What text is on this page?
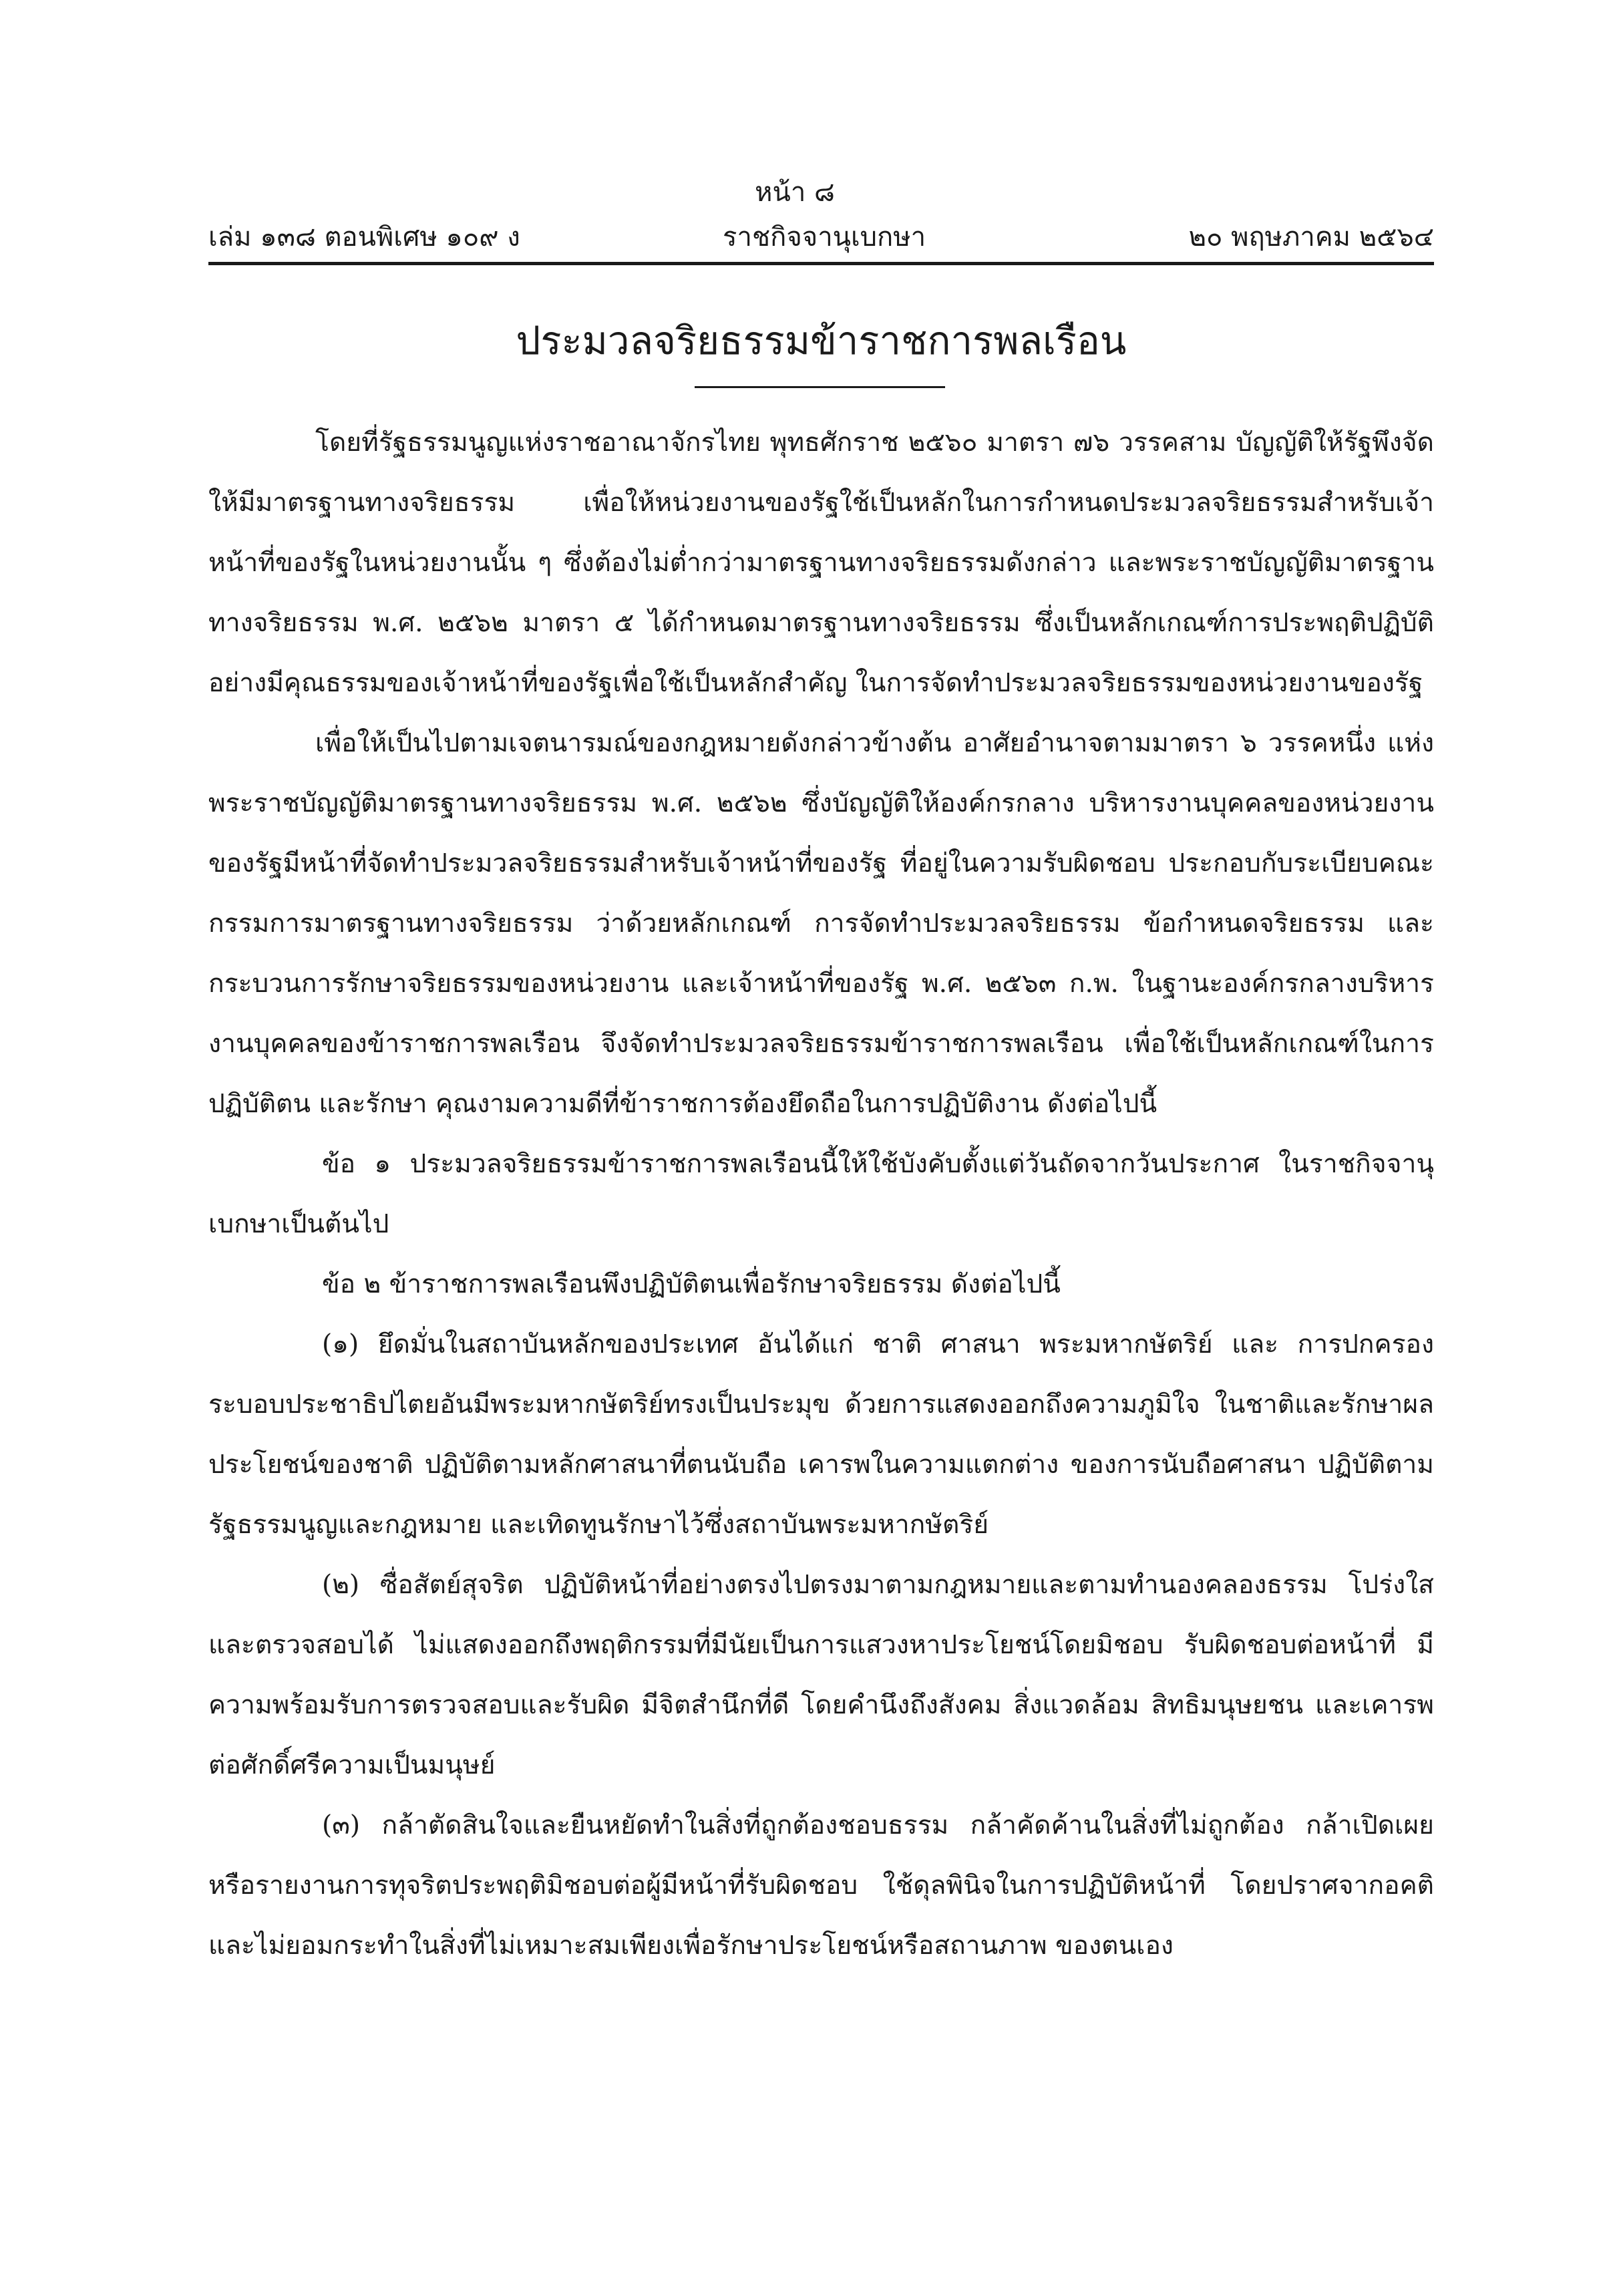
หน้า ๘
เล่ม ๑๓๘ ตอนพิเศษ ๑๐๙ ง	ราชกิจจานุเบกษา	๒๐ พฤษภาคม ๒๕๖๔
ประมวลจริยธรรมข้าราชการพลเรือน

โดยที่รัฐธรรมนูญแห่งราชอาณาจักรไทย พุทธศักราช ๒๕๖๐ มาตรา ๗๖ วรรคสาม บัญญัติให้รัฐพึงจัดให้มีมาตรฐานทางจริยธรรม เพื่อให้หน่วยงานของรัฐใช้เป็นหลักในการกำหนดประมวลจริยธรรมสำหรับเจ้าหน้าที่ของรัฐในหน่วยงานนั้น ๆ ซึ่งต้องไม่ต่ำกว่ามาตรฐานทางจริยธรรมดังกล่าว และพระราชบัญญัติมาตรฐานทางจริยธรรม พ.ศ. ๒๕๖๒ มาตรา ๕ ได้กำหนดมาตรฐานทางจริยธรรม ซึ่งเป็นหลักเกณฑ์การประพฤติปฏิบัติอย่างมีคุณธรรมของเจ้าหน้าที่ของรัฐเพื่อใช้เป็นหลักสำคัญ ในการจัดทำประมวลจริยธรรมของหน่วยงานของรัฐ

เพื่อให้เป็นไปตามเจตนารมณ์ของกฎหมายดังกล่าวข้างต้น อาศัยอำนาจตามมาตรา ๖ วรรคหนึ่ง แห่งพระราชบัญญัติมาตรฐานทางจริยธรรม พ.ศ. ๒๕๖๒ ซึ่งบัญญัติให้องค์กรกลาง บริหารงานบุคคลของหน่วยงานของรัฐมีหน้าที่จัดทำประมวลจริยธรรมสำหรับเจ้าหน้าที่ของรัฐ ที่อยู่ในความรับผิดชอบ ประกอบกับระเบียบคณะกรรมการมาตรฐานทางจริยธรรม ว่าด้วยหลักเกณฑ์ การจัดทำประมวลจริยธรรม ข้อกำหนดจริยธรรม และกระบวนการรักษาจริยธรรมของหน่วยงาน และเจ้าหน้าที่ของรัฐ พ.ศ. ๒๕๖๓ ก.พ. ในฐานะองค์กรกลางบริหารงานบุคคลของข้าราชการพลเรือน จึงจัดทำประมวลจริยธรรมข้าราชการพลเรือน เพื่อใช้เป็นหลักเกณฑ์ในการปฏิบัติตน และรักษา คุณงามความดีที่ข้าราชการต้องยึดถือในการปฏิบัติงาน ดังต่อไปนี้

ข้อ ๑ ประมวลจริยธรรมข้าราชการพลเรือนนี้ให้ใช้บังคับตั้งแต่วันถัดจากวันประกาศ ในราชกิจจานุเบกษาเป็นต้นไป

ข้อ ๒ ข้าราชการพลเรือนพึงปฏิบัติตนเพื่อรักษาจริยธรรม ดังต่อไปนี้

(๑) ยึดมั่นในสถาบันหลักของประเทศ อันได้แก่ ชาติ ศาสนา พระมหากษัตริย์ และ การปกครองระบอบประชาธิปไตยอันมีพระมหากษัตริย์ทรงเป็นประมุข ด้วยการแสดงออกถึงความภูมิใจ ในชาติและรักษาผลประโยชน์ของชาติ ปฏิบัติตามหลักศาสนาที่ตนนับถือ เคารพในความแตกต่าง ของการนับถือศาสนา ปฏิบัติตามรัฐธรรมนูญและกฎหมาย และเทิดทูนรักษาไว้ซึ่งสถาบันพระมหากษัตริย์

(๒) ซื่อสัตย์สุจริต ปฏิบัติหน้าที่อย่างตรงไปตรงมาตามกฎหมายและตามทำนองคลองธรรม โปร่งใส และตรวจสอบได้ ไม่แสดงออกถึงพฤติกรรมที่มีนัยเป็นการแสวงหาประโยชน์โดยมิชอบ รับผิดชอบต่อหน้าที่ มีความพร้อมรับการตรวจสอบและรับผิด มีจิตสำนึกที่ดี โดยคำนึงถึงสังคม สิ่งแวดล้อม สิทธิมนุษยชน และเคารพต่อศักดิ์ศรีความเป็นมนุษย์

(๓) กล้าตัดสินใจและยืนหยัดทำในสิ่งที่ถูกต้องชอบธรรม กล้าคัดค้านในสิ่งที่ไม่ถูกต้อง กล้าเปิดเผยหรือรายงานการทุจริตประพฤติมิชอบต่อผู้มีหน้าที่รับผิดชอบ ใช้ดุลพินิจในการปฏิบัติหน้าที่ โดยปราศจากอคติ และไม่ยอมกระทำในสิ่งที่ไม่เหมาะสมเพียงเพื่อรักษาประโยชน์หรือสถานภาพ ของตนเอง
